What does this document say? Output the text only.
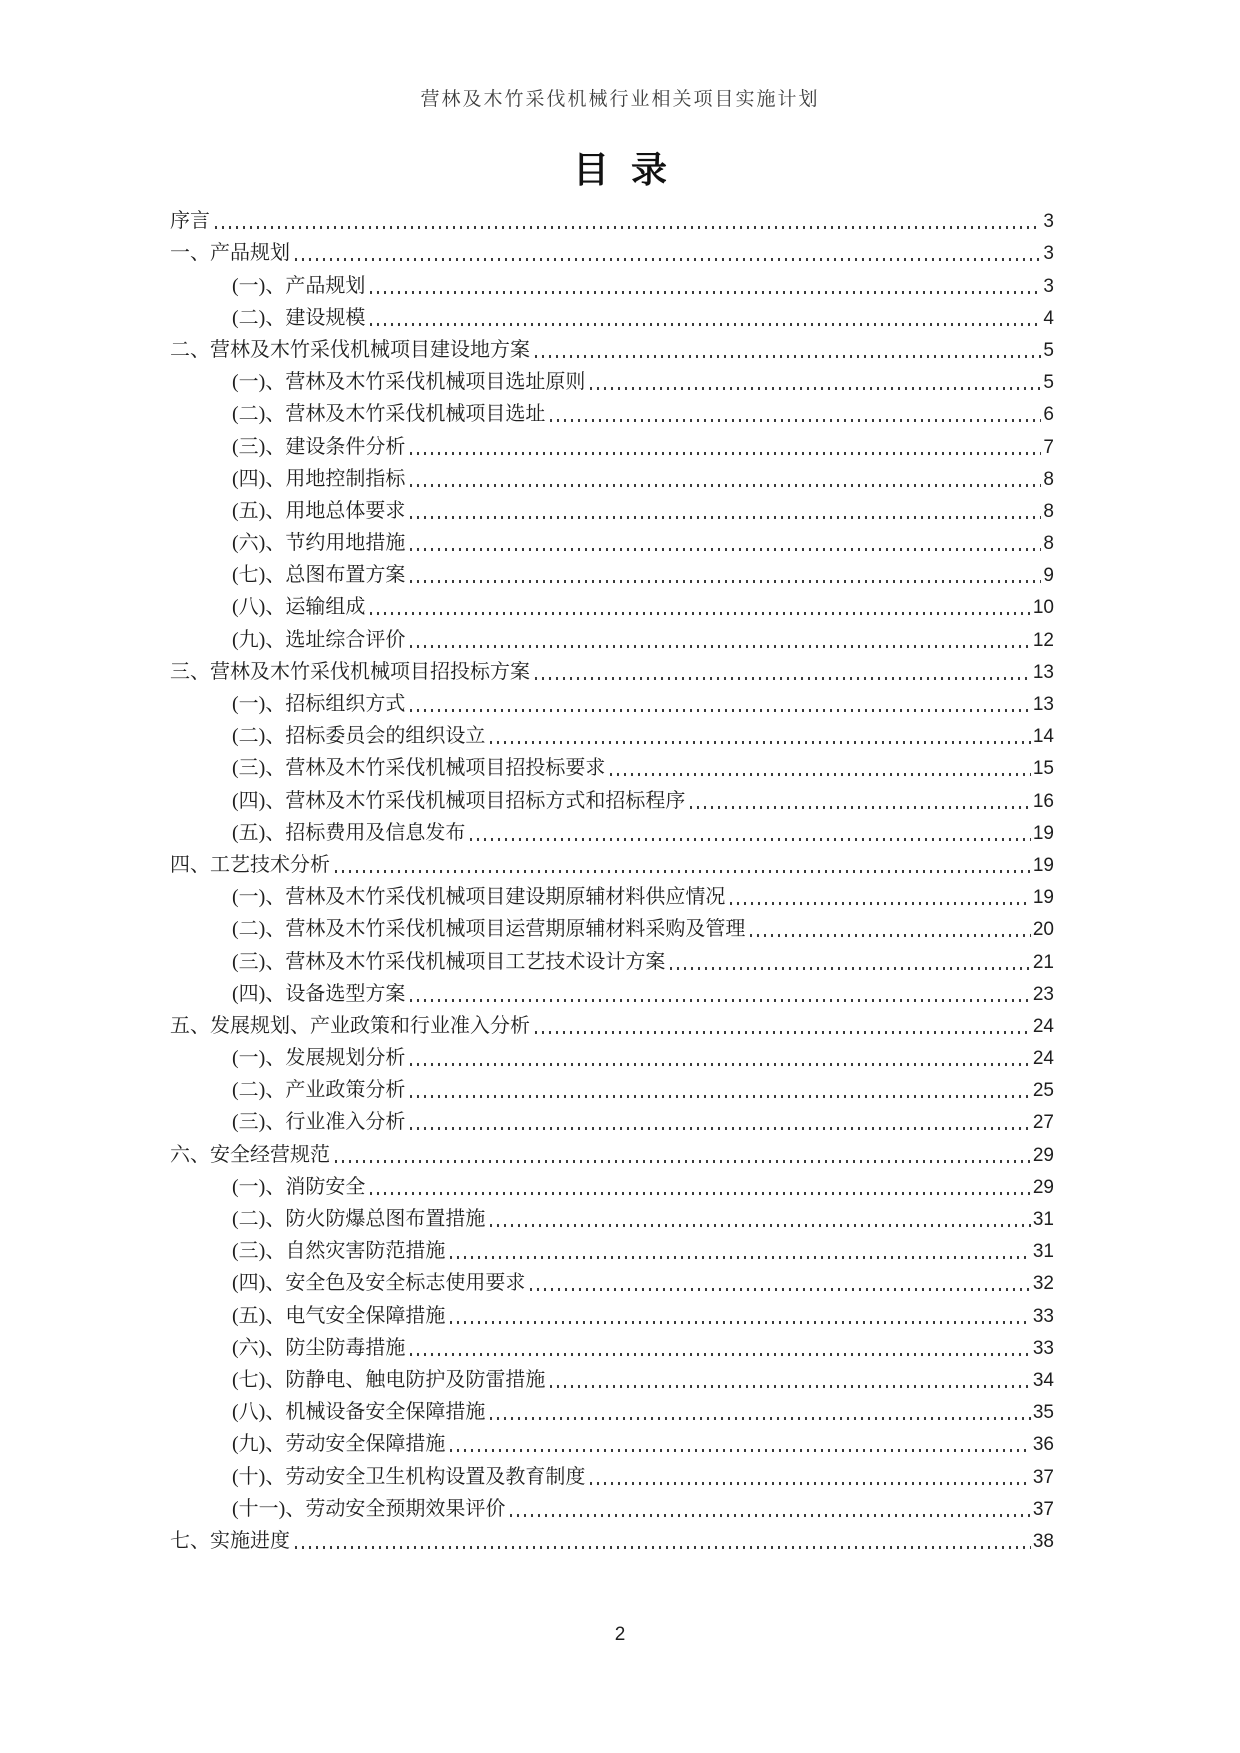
营林及木竹采伐机械行业相关项目实施计划
目录
序言	3
一、产品规划	3
(一)、产品规划	3
(二)、建设规模	4
二、营林及木竹采伐机械项目建设地方案	5
(一)、营林及木竹采伐机械项目选址原则	5
(二)、营林及木竹采伐机械项目选址	6
(三)、建设条件分析	7
(四)、用地控制指标	8
(五)、用地总体要求	8
(六)、节约用地措施	8
(七)、总图布置方案	9
(八)、运输组成	10
(九)、选址综合评价	12
三、营林及木竹采伐机械项目招投标方案	13
(一)、招标组织方式	13
(二)、招标委员会的组织设立	14
(三)、营林及木竹采伐机械项目招投标要求	15
(四)、营林及木竹采伐机械项目招标方式和招标程序	16
(五)、招标费用及信息发布	19
四、工艺技术分析	19
(一)、营林及木竹采伐机械项目建设期原辅材料供应情况	19
(二)、营林及木竹采伐机械项目运营期原辅材料采购及管理	20
(三)、营林及木竹采伐机械项目工艺技术设计方案	21
(四)、设备选型方案	23
五、发展规划、产业政策和行业准入分析	24
(一)、发展规划分析	24
(二)、产业政策分析	25
(三)、行业准入分析	27
六、安全经营规范	29
(一)、消防安全	29
(二)、防火防爆总图布置措施	31
(三)、自然灾害防范措施	31
(四)、安全色及安全标志使用要求	32
(五)、电气安全保障措施	33
(六)、防尘防毒措施	33
(七)、防静电、触电防护及防雷措施	34
(八)、机械设备安全保障措施	35
(九)、劳动安全保障措施	36
(十)、劳动安全卫生机构设置及教育制度	37
(十一)、劳动安全预期效果评价	37
七、实施进度	38
2
